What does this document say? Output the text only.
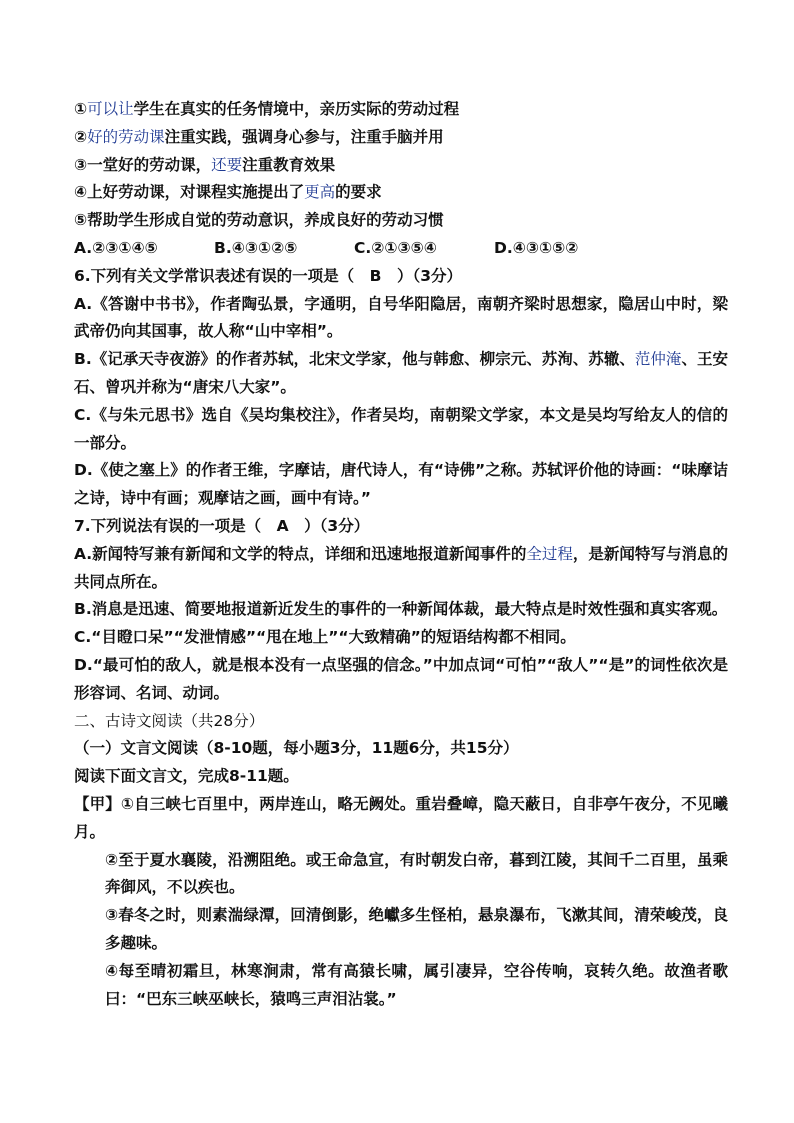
①可以让学生在真实的任务情境中，亲历实际的劳动过程

②好的劳动课注重实践，强调身心参与，注重手脑并用

③一堂好的劳动课，还要注重教育效果

④上好劳动课，对课程实施提出了更高的要求

⑤帮助学生形成自觉的劳动意识，养成良好的劳动习惯

A.②③①④⑤	B.④③①②⑤	C.②①③⑤④	D.④③①⑤②

6.下列有关文学常识表述有误的一项是（　B　）（3分）

A.《答谢中书书》，作者陶弘景，字通明，自号华阳隐居，南朝齐梁时思想家，隐居山中时，梁武帝仍向其国事，故人称“山中宰相”。

B.《记承天寺夜游》的作者苏轼，北宋文学家，他与韩愈、柳宗元、苏洵、苏辙、范仲淹、王安石、曾巩并称为“唐宋八大家”。

C.《与朱元思书》选自《吴均集校注》，作者吴均，南朝梁文学家，本文是吴均写给友人的信的一部分。

D.《使之塞上》的作者王维，字摩诘，唐代诗人，有“诗佛”之称。苏轼评价他的诗画：“味摩诘之诗，诗中有画；观摩诘之画，画中有诗。”

7.下列说法有误的一项是（　A　）（3分）

A.新闻特写兼有新闻和文学的特点，详细和迅速地报道新闻事件的全过程，是新闻特写与消息的共同点所在。

B.消息是迅速、简要地报道新近发生的事件的一种新闻体裁，最大特点是时效性强和真实客观。

C.“目瞪口呆”“发泄情感”“甩在地上”“大致精确”的短语结构都不相同。

D.“最可怕的敌人，就是根本没有一点坚强的信念。”中加点词“可怕”“敌人”“是”的词性依次是形容词、名词、动词。

二、古诗文阅读（共28分）

（一）文言文阅读（8-10题，每小题3分，11题6分，共15分）

阅读下面文言文，完成8-11题。

【甲】①自三峡七百里中，两岸连山，略无阙处。重岩叠嶂，隐天蔽日，自非亭午夜分，不见曦月。

②至于夏水襄陵，沿溯阻绝。或王命急宣，有时朝发白帝，暮到江陵，其间千二百里，虽乘奔御风，不以疾也。

③春冬之时，则素湍绿潭，回清倒影，绝巘多生怪柏，悬泉瀑布，飞漱其间，清荣峻茂，良多趣味。

④每至晴初霜旦，林寒涧肃，常有高猿长啸，属引凄异，空谷传响，哀转久绝。故渔者歌曰：“巴东三峡巫峡长，猿鸣三声泪沾裳。”
